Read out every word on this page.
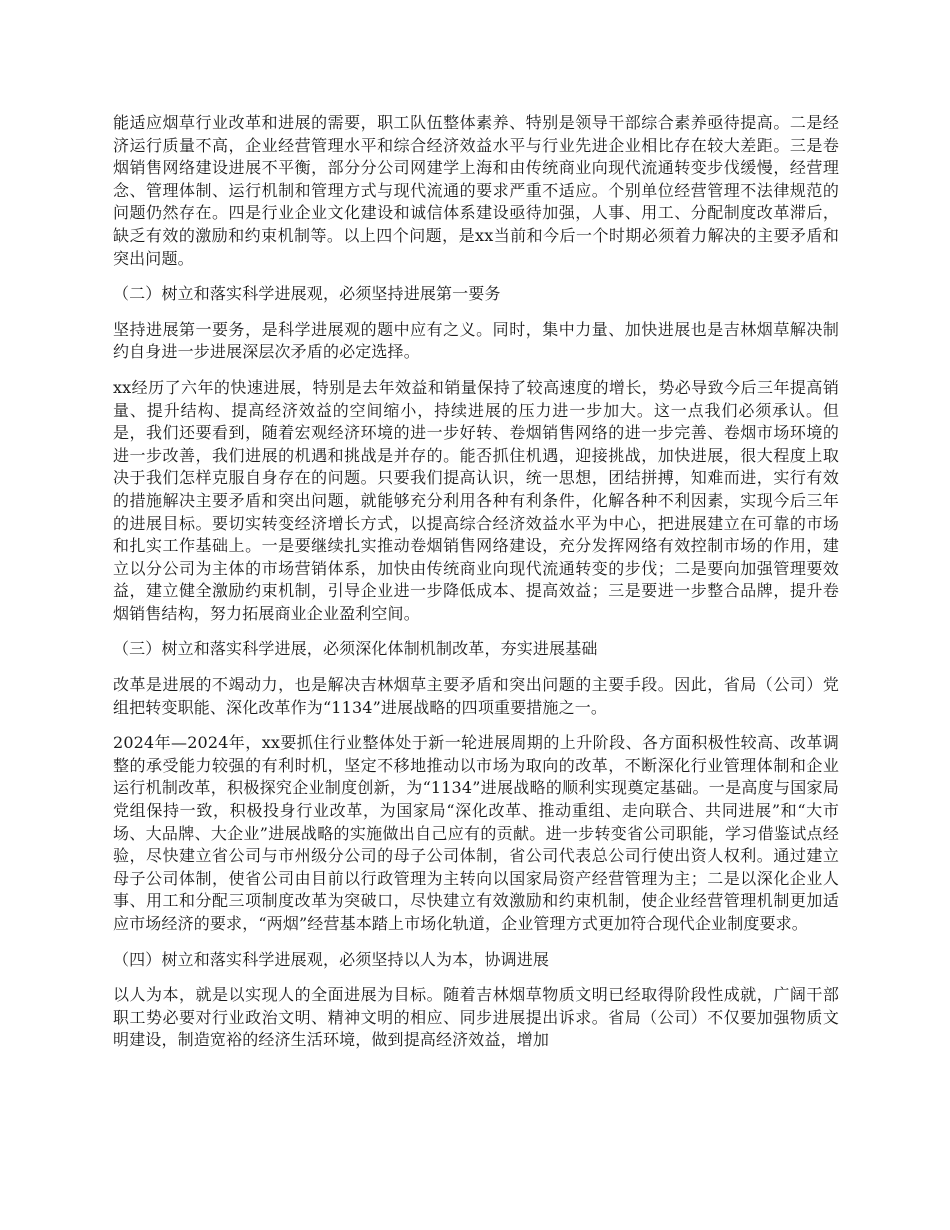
能适应烟草行业改革和进展的需要，职工队伍整体素养、特别是领导干部综合素养亟待提高。二是经济运行质量不高，企业经营管理水平和综合经济效益水平与行业先进企业相比存在较大差距。三是卷烟销售网络建设进展不平衡，部分分公司网建学上海和由传统商业向现代流通转变步伐缓慢，经营理念、管理体制、运行机制和管理方式与现代流通的要求严重不适应。个别单位经营管理不法律规范的问题仍然存在。四是行业企业文化建设和诚信体系建设亟待加强，人事、用工、分配制度改革滞后，缺乏有效的激励和约束机制等。以上四个问题，是xx当前和今后一个时期必须着力解决的主要矛盾和突出问题。

（二）树立和落实科学进展观，必须坚持进展第一要务

坚持进展第一要务，是科学进展观的题中应有之义。同时，集中力量、加快进展也是吉林烟草解决制约自身进一步进展深层次矛盾的必定选择。

xx经历了六年的快速进展，特别是去年效益和销量保持了较高速度的增长，势必导致今后三年提高销量、提升结构、提高经济效益的空间缩小，持续进展的压力进一步加大。这一点我们必须承认。但是，我们还要看到，随着宏观经济环境的进一步好转、卷烟销售网络的进一步完善、卷烟市场环境的进一步改善，我们进展的机遇和挑战是并存的。能否抓住机遇，迎接挑战，加快进展，很大程度上取决于我们怎样克服自身存在的问题。只要我们提高认识，统一思想，团结拼搏，知难而进，实行有效的措施解决主要矛盾和突出问题，就能够充分利用各种有利条件，化解各种不利因素，实现今后三年的进展目标。要切实转变经济增长方式，以提高综合经济效益水平为中心，把进展建立在可靠的市场和扎实工作基础上。一是要继续扎实推动卷烟销售网络建设，充分发挥网络有效控制市场的作用，建立以分公司为主体的市场营销体系，加快由传统商业向现代流通转变的步伐；二是要向加强管理要效益，建立健全激励约束机制，引导企业进一步降低成本、提高效益；三是要进一步整合品牌，提升卷烟销售结构，努力拓展商业企业盈利空间。

（三）树立和落实科学进展，必须深化体制机制改革，夯实进展基础

改革是进展的不竭动力，也是解决吉林烟草主要矛盾和突出问题的主要手段。因此，省局（公司）党组把转变职能、深化改革作为“1134”进展战略的四项重要措施之一。

2024年—2024年，xx要抓住行业整体处于新一轮进展周期的上升阶段、各方面积极性较高、改革调整的承受能力较强的有利时机，坚定不移地推动以市场为取向的改革，不断深化行业管理体制和企业运行机制改革，积极探究企业制度创新，为“1134”进展战略的顺利实现奠定基础。一是高度与国家局党组保持一致，积极投身行业改革，为国家局“深化改革、推动重组、走向联合、共同进展”和“大市场、大品牌、大企业”进展战略的实施做出自己应有的贡献。进一步转变省公司职能，学习借鉴试点经验，尽快建立省公司与市州级分公司的母子公司体制，省公司代表总公司行使出资人权利。通过建立母子公司体制，使省公司由目前以行政管理为主转向以国家局资产经营管理为主；二是以深化企业人事、用工和分配三项制度改革为突破口，尽快建立有效激励和约束机制，使企业经营管理机制更加适应市场经济的要求，“两烟”经营基本踏上市场化轨道，企业管理方式更加符合现代企业制度要求。

（四）树立和落实科学进展观，必须坚持以人为本，协调进展

以人为本，就是以实现人的全面进展为目标。随着吉林烟草物质文明已经取得阶段性成就，广阔干部职工势必要对行业政治文明、精神文明的相应、同步进展提出诉求。省局（公司）不仅要加强物质文明建设，制造宽裕的经济生活环境，做到提高经济效益，增加
